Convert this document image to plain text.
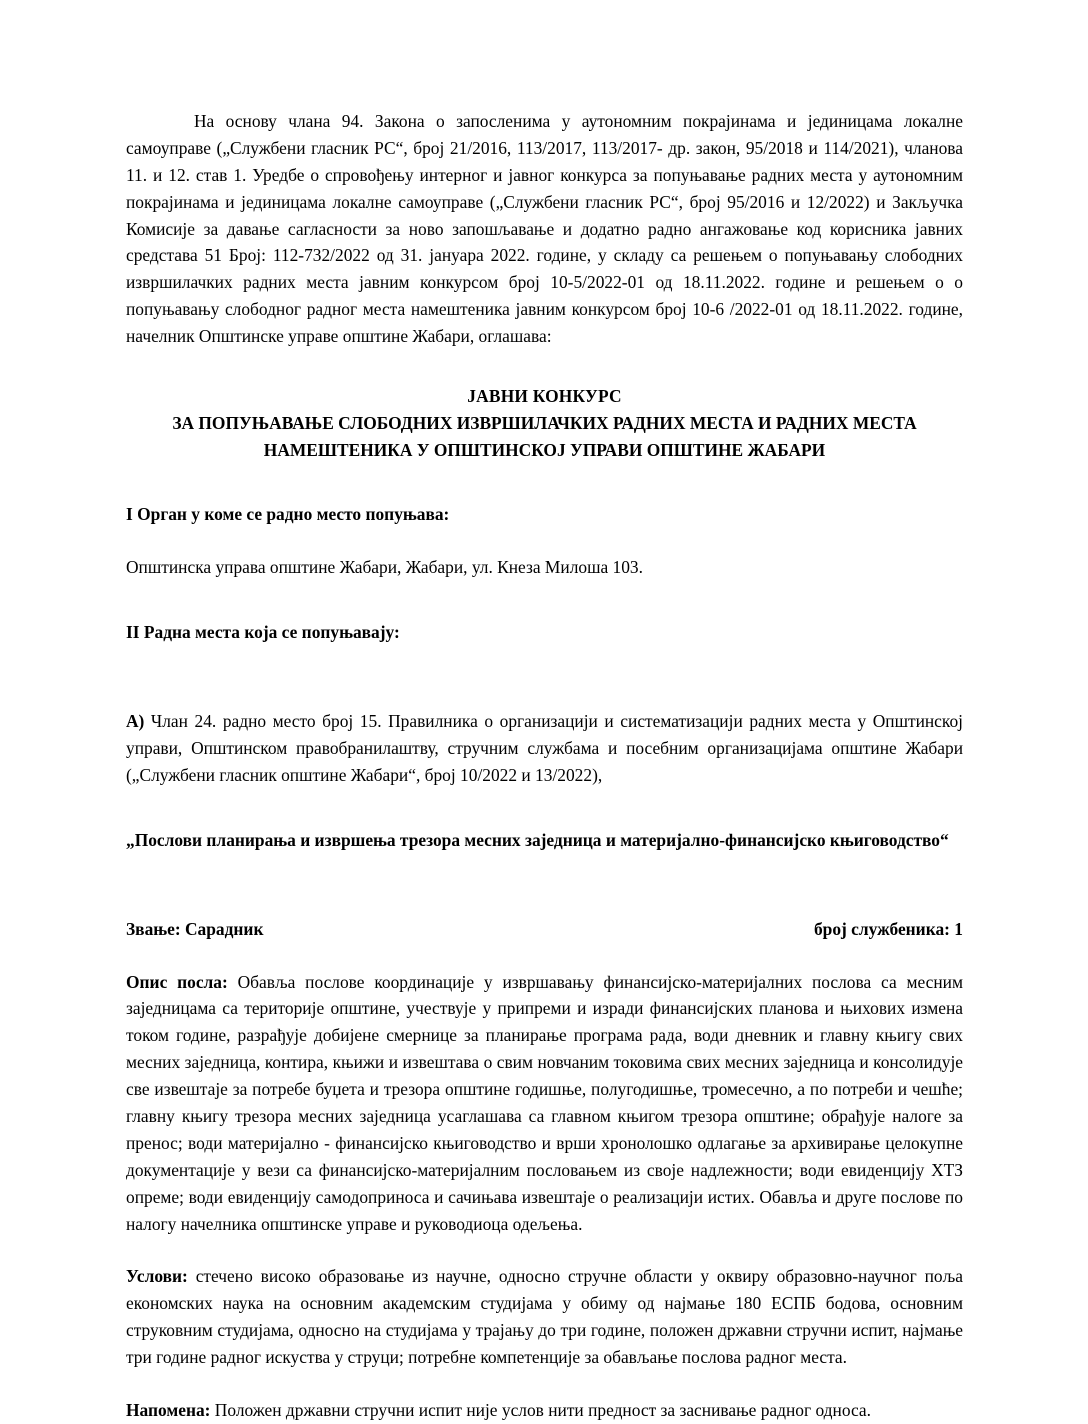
На основу члана 94. Закона о запосленима у аутономним покрајинама и јединицама локалне самоуправе („Службени гласник РС“, број 21/2016, 113/2017, 113/2017- др. закон, 95/2018 и 114/2021), чланова 11. и 12. став 1. Уредбе о спровођењу интерног и јавног конкурса за попуњавање радних места у аутономним покрајинама и јединицама локалне самоуправе („Службени гласник РС“, број 95/2016 и 12/2022) и Закључка Комисије за давање сагласности за ново запошљавање и додатно радно ангажовање код корисника јавних средстава 51 Број: 112-732/2022 од 31. јануара 2022. године, у складу са решењем о попуњавању слободних извршилачких радних места јавним конкурсом број 10-5/2022-01 од 18.11.2022. године и решењем о о попуњавању слободног радног места намештеника јавним конкурсом број 10-6 /2022-01 од 18.11.2022. године, начелник Општинске управе општине Жабари, оглашава:

ЈАВНИ КОНКУРС
ЗА ПОПУЊАВАЊЕ СЛОБОДНИХ ИЗВРШИЛАЧКИХ РАДНИХ МЕСТА И РАДНИХ МЕСТА
НАМЕШТЕНИКА У ОПШТИНСКОЈ УПРАВИ ОПШТИНЕ ЖАБАРИ

I Орган у коме се радно место попуњава:

Општинска управа општине Жабари, Жабари, ул. Кнеза Милоша 103.

II Радна места која се попуњавају:

А) Члан 24. радно место број 15. Правилника о организацији и систематизацији радних места у Општинској управи, Општинском правобранилаштву, стручним службама и посебним организацијама општине Жабари („Службени гласник општине Жабари“, број 10/2022 и 13/2022),

„Послови планирања и извршења трезора месних заједница и материјално-финансијско књиговодство“

Звање: Сарадник	број службеника: 1

Опис посла: Обавља послове координације у извршавању финансијско-материјалних послова са месним заједницама са територије општине, учествује у припреми и изради финансијских планова и њихових измена током године, разрађује добијене смернице за планирање програма рада, води дневник и главну књигу свих месних заједница, контира, књижи и извештава о свим новчаним токовима свих месних заједница и консолидује све извештаје за потребе буџета и трезора општине годишње, полугодишње, тромесечно, а по потреби и чешће; главну књигу трезора месних заједница усаглашава са главном књигом трезора општине; обрађује налоге за пренос; води материјално - финансијско књиговодство и врши хронолошко одлагање за архивирање целокупне документације у вези са финансијско-материјалним пословањем из своје надлежности; води евиденцију ХТЗ опреме; води евиденцију самодоприноса и сачињава извештаје о реализацији истих. Обавља и друге послове по налогу начелника општинске управе и руководиоца одељења.

Услови: стечено високо образовање из научне, односно стручне области у оквиру образовно-научног поља економских наука на основним академским студијама у обиму од најмање 180 ЕСПБ бодова, основним струковним студијама, односно на студијама у трајању до три године, положен државни стручни испит, најмање три године радног искуства у струци; потребне компетенције за обављање послова радног места.

Напомена: Положен државни стручни испит није услов нити предност за заснивање радног односа.
